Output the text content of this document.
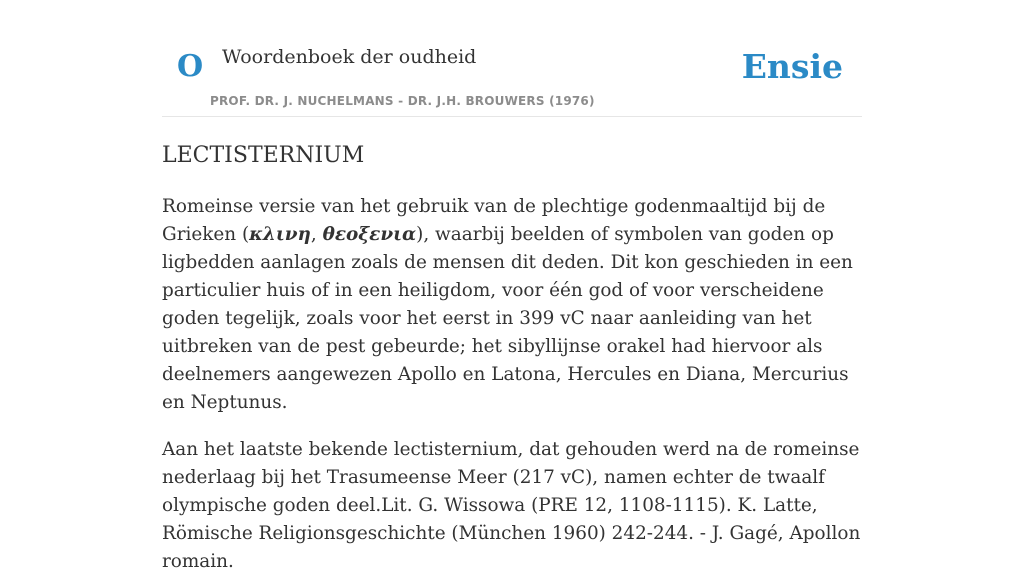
O Woordenboek der oudheid
PROF. DR. J. NUCHELMANS - DR. J.H. BROUWERS (1976)
Ensie
LECTISTERNIUM

Romeinse versie van het gebruik van de plechtige godenmaaltijd bij de Grieken (κλινη, θεοξενια), waarbij beelden of symbolen van goden op ligbedden aanlagen zoals de mensen dit deden. Dit kon geschieden in een particulier huis of in een heiligdom, voor één god of voor verscheidene goden tegelijk, zoals voor het eerst in 399 vC naar aanleiding van het uitbreken van de pest gebeurde; het sibyllijnse orakel had hiervoor als deelnemers aangewezen Apollo en Latona, Hercules en Diana, Mercurius en Neptunus.

Aan het laatste bekende lectisternium, dat gehouden werd na de romeinse nederlaag bij het Trasumeense Meer (217 vC), namen echter de twaalf olympische goden deel.Lit. G. Wissowa (PRE 12, 1108-1115). K. Latte, Römische Religionsgeschichte (München 1960) 242-244. - J. Gagé, Apollon romain.
